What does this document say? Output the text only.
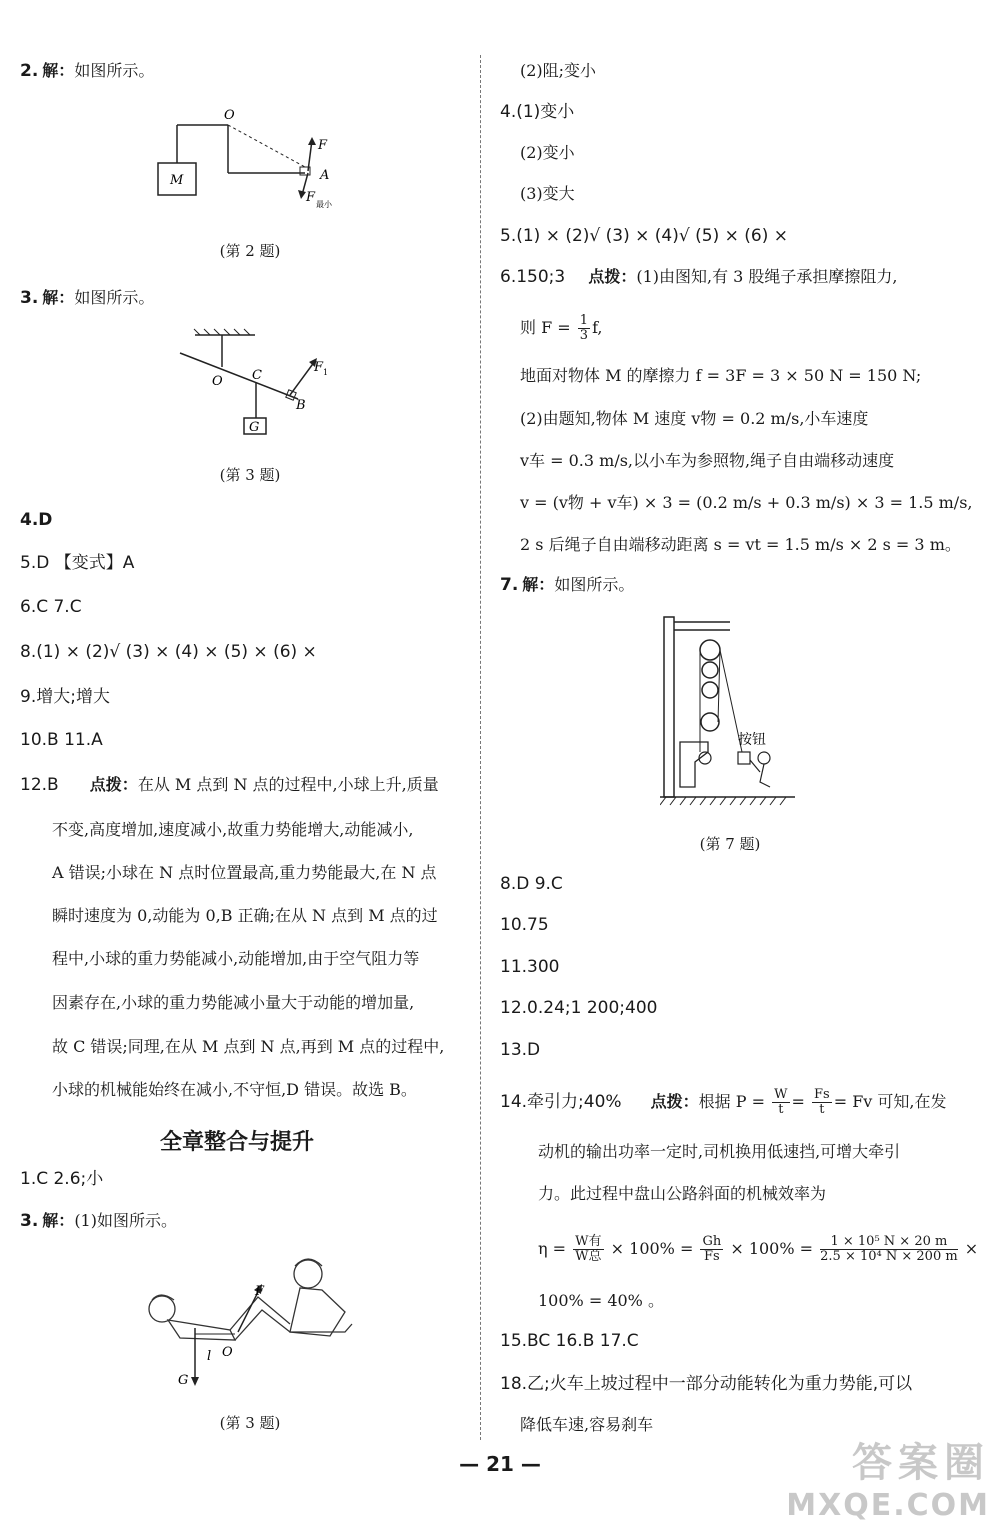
2. 解：如图所示。
O
M
F
A
F 最小
(第 2 题)
3. 解：如图所示。
O C
B
F 1
G
(第 3 题)
4.D
5.D 【变式】A
6.C 7.C
8.(1) × (2)√ (3) × (4) × (5) × (6) ×
9.增大;增大
10.B 11.A
12.B 点拨：在从 M 点到 N 点的过程中,小球上升,质量
不变,高度增加,速度减小,故重力势能增大,动能减小,
A 错误;小球在 N 点时位置最高,重力势能最大,在 N 点
瞬时速度为 0,动能为 0,B 正确;在从 N 点到 M 点的过
程中,小球的重力势能减小,动能增加,由于空气阻力等
因素存在,小球的重力势能减小量大于动能的增加量,
故 C 错误;同理,在从 M 点到 N 点,再到 M 点的过程中,
小球的机械能始终在减小,不守恒,D 错误。故选 B。
全章整合与提升
1.C 2.6;小
3. 解：(1)如图所示。
F
l O
G
(第 3 题)
(2)阻;变小
4.(1)变小
(2)变小
(3)变大
5.(1) × (2)√ (3) × (4)√ (5) × (6) ×
6.150;3 点拨：(1)由图知,有 3 股绳子承担摩擦阻力,
则 $F = \frac{1}{3} f$,
地面对物体 M 的摩擦力 f = 3F = 3 × 50 N = 150 N;
(2)由题知,物体 M 速度 v物 = 0.2 m/s,小车速度
v车 = 0.3 m/s,以小车为参照物,绳子自由端移动速度
v = (v物 + v车) × 3 = (0.2 m/s + 0.3 m/s) × 3 = 1.5 m/s,
2 s 后绳子自由端移动距离 s = vt = 1.5 m/s × 2 s = 3 m。
7. 解：如图所示。
按钮
(第 7 题)
8.D 9.C
10.75
11.300
12.0.24;1 200;400
13.D
14.牵引力;40% 点拨：根据 $P = \frac{W}{t} = \frac{Fs}{t} = Fv$ 可知,在发
动机的输出功率一定时,司机换用低速挡,可增大牵引
力。此过程中盘山公路斜面的机械效率为
$\eta = \frac{\text{W有}}{\text{W总}} \times 100\% = \frac{Gh}{Fs} \times 100\% = \frac{\text{1 × 10⁵ N × 20 m}}{\text{2.5 × 10⁴ N × 200 m}}$ ×
100% = 40% 。
15.BC 16.B 17.C
18.乙;火车上坡过程中一部分动能转化为重力势能,可以
降低车速,容易刹车
— 21 —	答案圈
MXQE.COM
